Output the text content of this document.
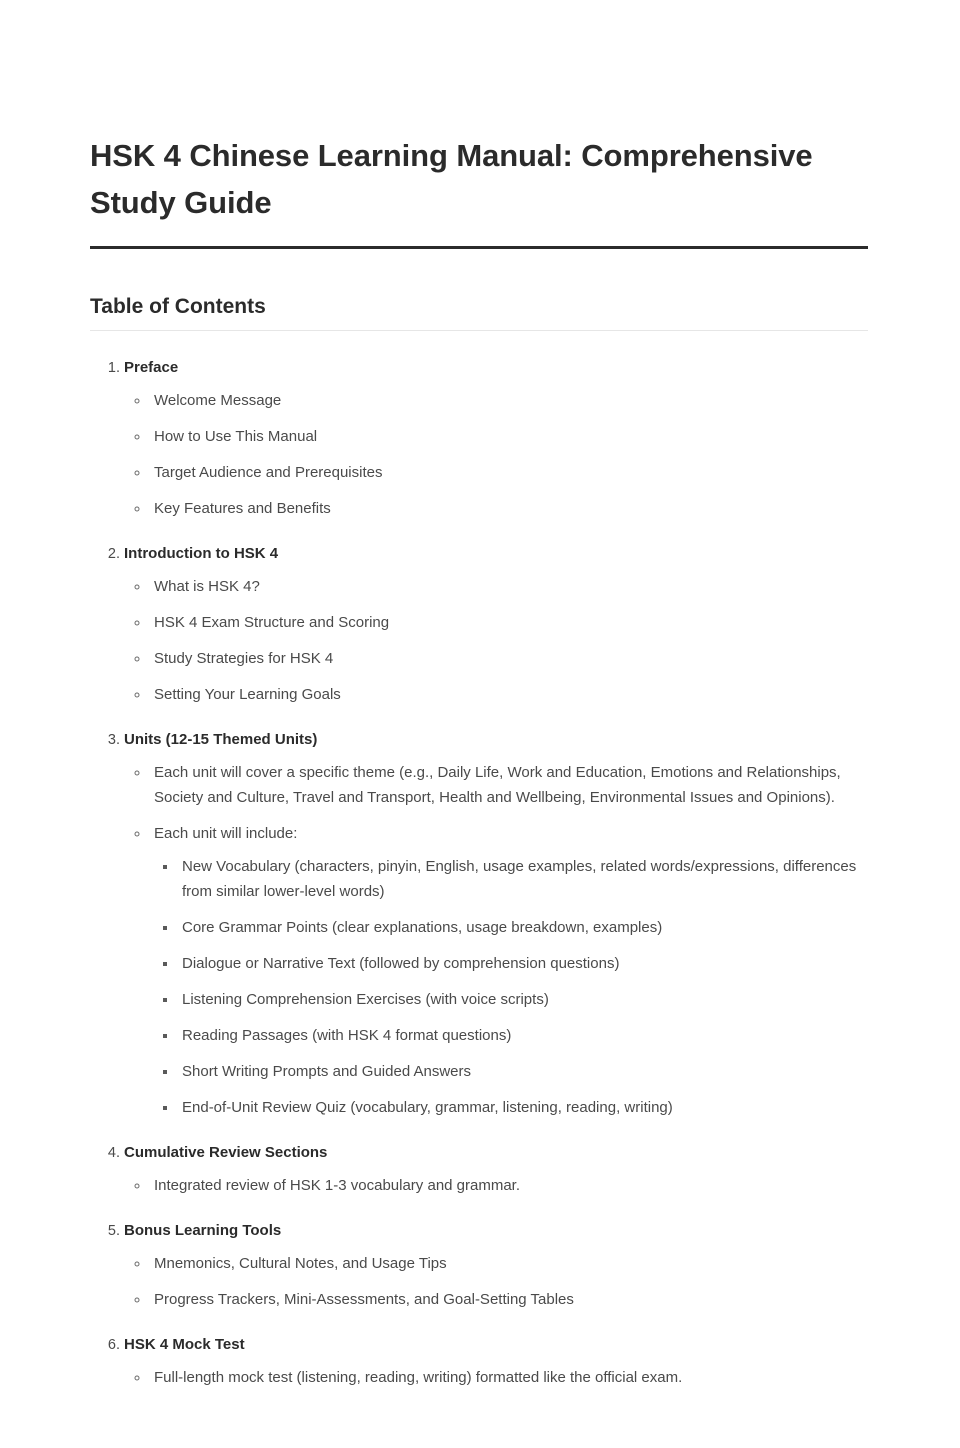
HSK 4 Chinese Learning Manual: Comprehensive Study Guide
Table of Contents
1. Preface
◦ Welcome Message
◦ How to Use This Manual
◦ Target Audience and Prerequisites
◦ Key Features and Benefits
2. Introduction to HSK 4
◦ What is HSK 4?
◦ HSK 4 Exam Structure and Scoring
◦ Study Strategies for HSK 4
◦ Setting Your Learning Goals
3. Units (12-15 Themed Units)
◦ Each unit will cover a specific theme (e.g., Daily Life, Work and Education, Emotions and Relationships, Society and Culture, Travel and Transport, Health and Wellbeing, Environmental Issues and Opinions).
◦ Each unit will include:
▪ New Vocabulary (characters, pinyin, English, usage examples, related words/expressions, differences from similar lower-level words)
▪ Core Grammar Points (clear explanations, usage breakdown, examples)
▪ Dialogue or Narrative Text (followed by comprehension questions)
▪ Listening Comprehension Exercises (with voice scripts)
▪ Reading Passages (with HSK 4 format questions)
▪ Short Writing Prompts and Guided Answers
▪ End-of-Unit Review Quiz (vocabulary, grammar, listening, reading, writing)
4. Cumulative Review Sections
◦ Integrated review of HSK 1-3 vocabulary and grammar.
5. Bonus Learning Tools
◦ Mnemonics, Cultural Notes, and Usage Tips
◦ Progress Trackers, Mini-Assessments, and Goal-Setting Tables
6. HSK 4 Mock Test
◦ Full-length mock test (listening, reading, writing) formatted like the official exam.
